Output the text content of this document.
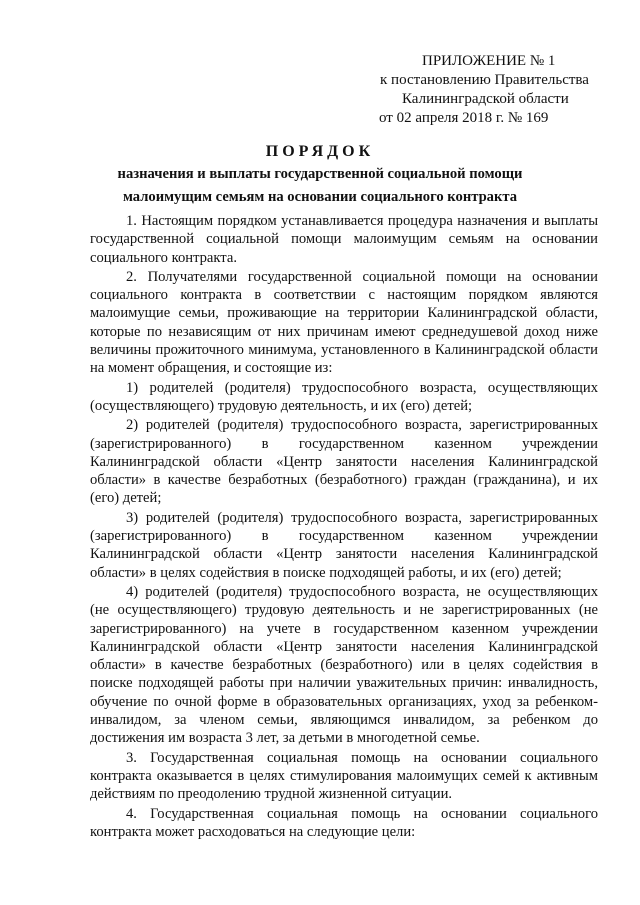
ПРИЛОЖЕНИЕ № 1
к постановлению Правительства
Калининградской области
от 02 апреля 2018 г. № 169
ПОРЯДОК
назначения и выплаты государственной социальной помощи
малоимущим семьям на основании социального контракта

1. Настоящим порядком устанавливается процедура назначения и выплаты государственной социальной помощи малоимущим семьям на основании социального контракта.

2. Получателями государственной социальной помощи на основании социального контракта в соответствии с настоящим порядком являются малоимущие семьи, проживающие на территории Калининградской области, которые по независящим от них причинам имеют среднедушевой доход ниже величины прожиточного минимума, установленного в Калининградской области на момент обращения, и состоящие из:

1) родителей (родителя) трудоспособного возраста, осуществляющих (осуществляющего) трудовую деятельность, и их (его) детей;

2) родителей (родителя) трудоспособного возраста, зарегистрированных (зарегистрированного) в государственном казенном учреждении Калининградской области «Центр занятости населения Калининградской области» в качестве безработных (безработного) граждан (гражданина), и их (его) детей;

3) родителей (родителя) трудоспособного возраста, зарегистрированных (зарегистрированного) в государственном казенном учреждении Калининградской области «Центр занятости населения Калининградской области» в целях содействия в поиске подходящей работы, и их (его) детей;

4) родителей (родителя) трудоспособного возраста, не осуществляющих (не осуществляющего) трудовую деятельность и не зарегистрированных (не зарегистрированного) на учете в государственном казенном учреждении Калининградской области «Центр занятости населения Калининградской области» в качестве безработных (безработного) или в целях содействия в поиске подходящей работы при наличии уважительных причин: инвалидность, обучение по очной форме в образовательных организациях, уход за ребенком-инвалидом, за членом семьи, являющимся инвалидом, за ребенком до достижения им возраста 3 лет, за детьми в многодетной семье.

3. Государственная социальная помощь на основании социального контракта оказывается в целях стимулирования малоимущих семей к активным действиям по преодолению трудной жизненной ситуации.

4. Государственная социальная помощь на основании социального контракта может расходоваться на следующие цели:
